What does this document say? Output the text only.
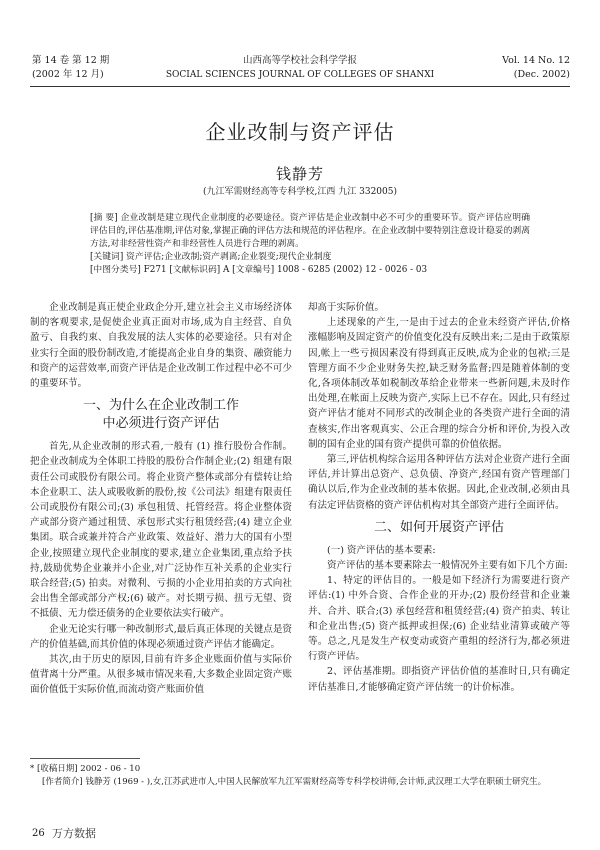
第 14 卷 第 12 期
(2002 年 12 月)
山西高等学校社会科学学报
SOCIAL SCIENCES JOURNAL OF COLLEGES OF SHANXI
Vol. 14 No. 12
(Dec. 2002)
企业改制与资产评估
钱静芳
(九江军需财经高等专科学校,江西 九江 332005)

[摘 要] 企业改制是建立现代企业制度的必要途径。资产评估是企业改制中必不可少的重要环节。资产评估应明确评估目的,评估基准期,评估对象,掌握正确的评估方法和规范的评估程序。在企业改制中要特别注意设计稳妥的剥离方法,对非经营性资产和非经营性人员进行合理的剥离。

[关键词] 资产评估;企业改制;资产剥离;企业裂变;现代企业制度

[中图分类号] F271 [文献标识码] A [文章编号] 1008 - 6285 (2002) 12 - 0026 - 03

企业改制是真正使企业政企分开,建立社会主义市场经济体制的客观要求,是促使企业真正面对市场,成为自主经营、自负盈亏、自我约束、自我发展的法人实体的必要途径。只有对企业实行全面的股份制改造,才能提高企业自身的集资、融资能力和资产的运营效率,而资产评估是企业改制工作过程中必不可少的重要环节。

一、为什么在企业改制工作
中必须进行资产评估

首先,从企业改制的形式看,一般有 (1) 推行股份合作制。把企业改制成为全体职工持股的股份合作制企业;(2) 组建有限责任公司或股份有限公司。将企业资产整体或部分有偿转让给本企业职工、法人或吸收新的股份,按《公司法》组建有限责任公司或股份有限公司;(3) 承包租赁、托管经营。将企业整体资产或部分资产通过租赁、承包形式实行租赁经营;(4) 建立企业集团。联合或兼并符合产业政策、效益好、潜力大的国有小型企业,按照建立现代企业制度的要求,建立企业集团,重点给予扶持,鼓励优势企业兼并小企业,对广泛协作互补关系的企业实行联合经营;(5) 拍卖。对微利、亏损的小企业用拍卖的方式向社会出售全部或部分产权;(6) 破产。对长期亏损、扭亏无望、资不抵债、无力偿还债务的企业要依法实行破产。

企业无论实行哪一种改制形式,最后真正体现的关键点是资产的价值基础,而其价值的体现必须通过资产评估才能确定。

其次,由于历史的原因,目前有许多企业账面价值与实际价值背离十分严重。从很多城市情况来看,大多数企业固定资产账面价值低于实际价值,而流动资产账面价值

却高于实际价值。

上述现象的产生,一是由于过去的企业未经资产评估,价格涨幅影响及固定资产的价值变化没有反映出来;二是由于政策原因,帐上一些亏损因素没有得到真正反映,成为企业的包袱;三是管理方面不少企业财务失控,缺乏财务监督;四是随着体制的变化,各项体制改革如税制改革给企业带来一些新问题,未及时作出处理,在帐面上反映为资产,实际上已不存在。因此,只有经过资产评估才能对不同形式的改制企业的各类资产进行全面的清查核实,作出客观真实、公正合理的综合分析和评价,为投入改制的国有企业的国有资产提供可靠的价值依据。

第三,评估机构综合运用各种评估方法对企业资产进行全面评估,并计算出总资产、总负债、净资产,经国有资产管理部门确认以后,作为企业改制的基本依据。因此,企业改制,必须由具有法定评估资格的资产评估机构对其全部资产进行全面评估。

二、如何开展资产评估

(一) 资产评估的基本要素:

资产评估的基本要素除去一般情况外主要有如下几个方面:

1、特定的评估目的。一般是如下经济行为需要进行资产评估:(1) 中外合资、合作企业的开办;(2) 股份经营和企业兼并、合并、联合;(3) 承包经营和租赁经营;(4) 资产拍卖、转让和企业出售;(5) 资产抵押或担保;(6) 企业结业清算或破产等等。总之,凡是发生产权变动或资产重组的经济行为,都必须进行资产评估。

2、评估基准期。即指资产评估价值的基准时日,只有确定评估基准日,才能够确定资产评估统一的计价标准。

* [收稿日期] 2002 - 06 - 10

[作者简介] 钱静芳 (1969 - ),女,江苏武进市人,中国人民解放军九江军需财经高等专科学校讲师,会计师,武汉理工大学在职硕士研究生。

26 万方数据
